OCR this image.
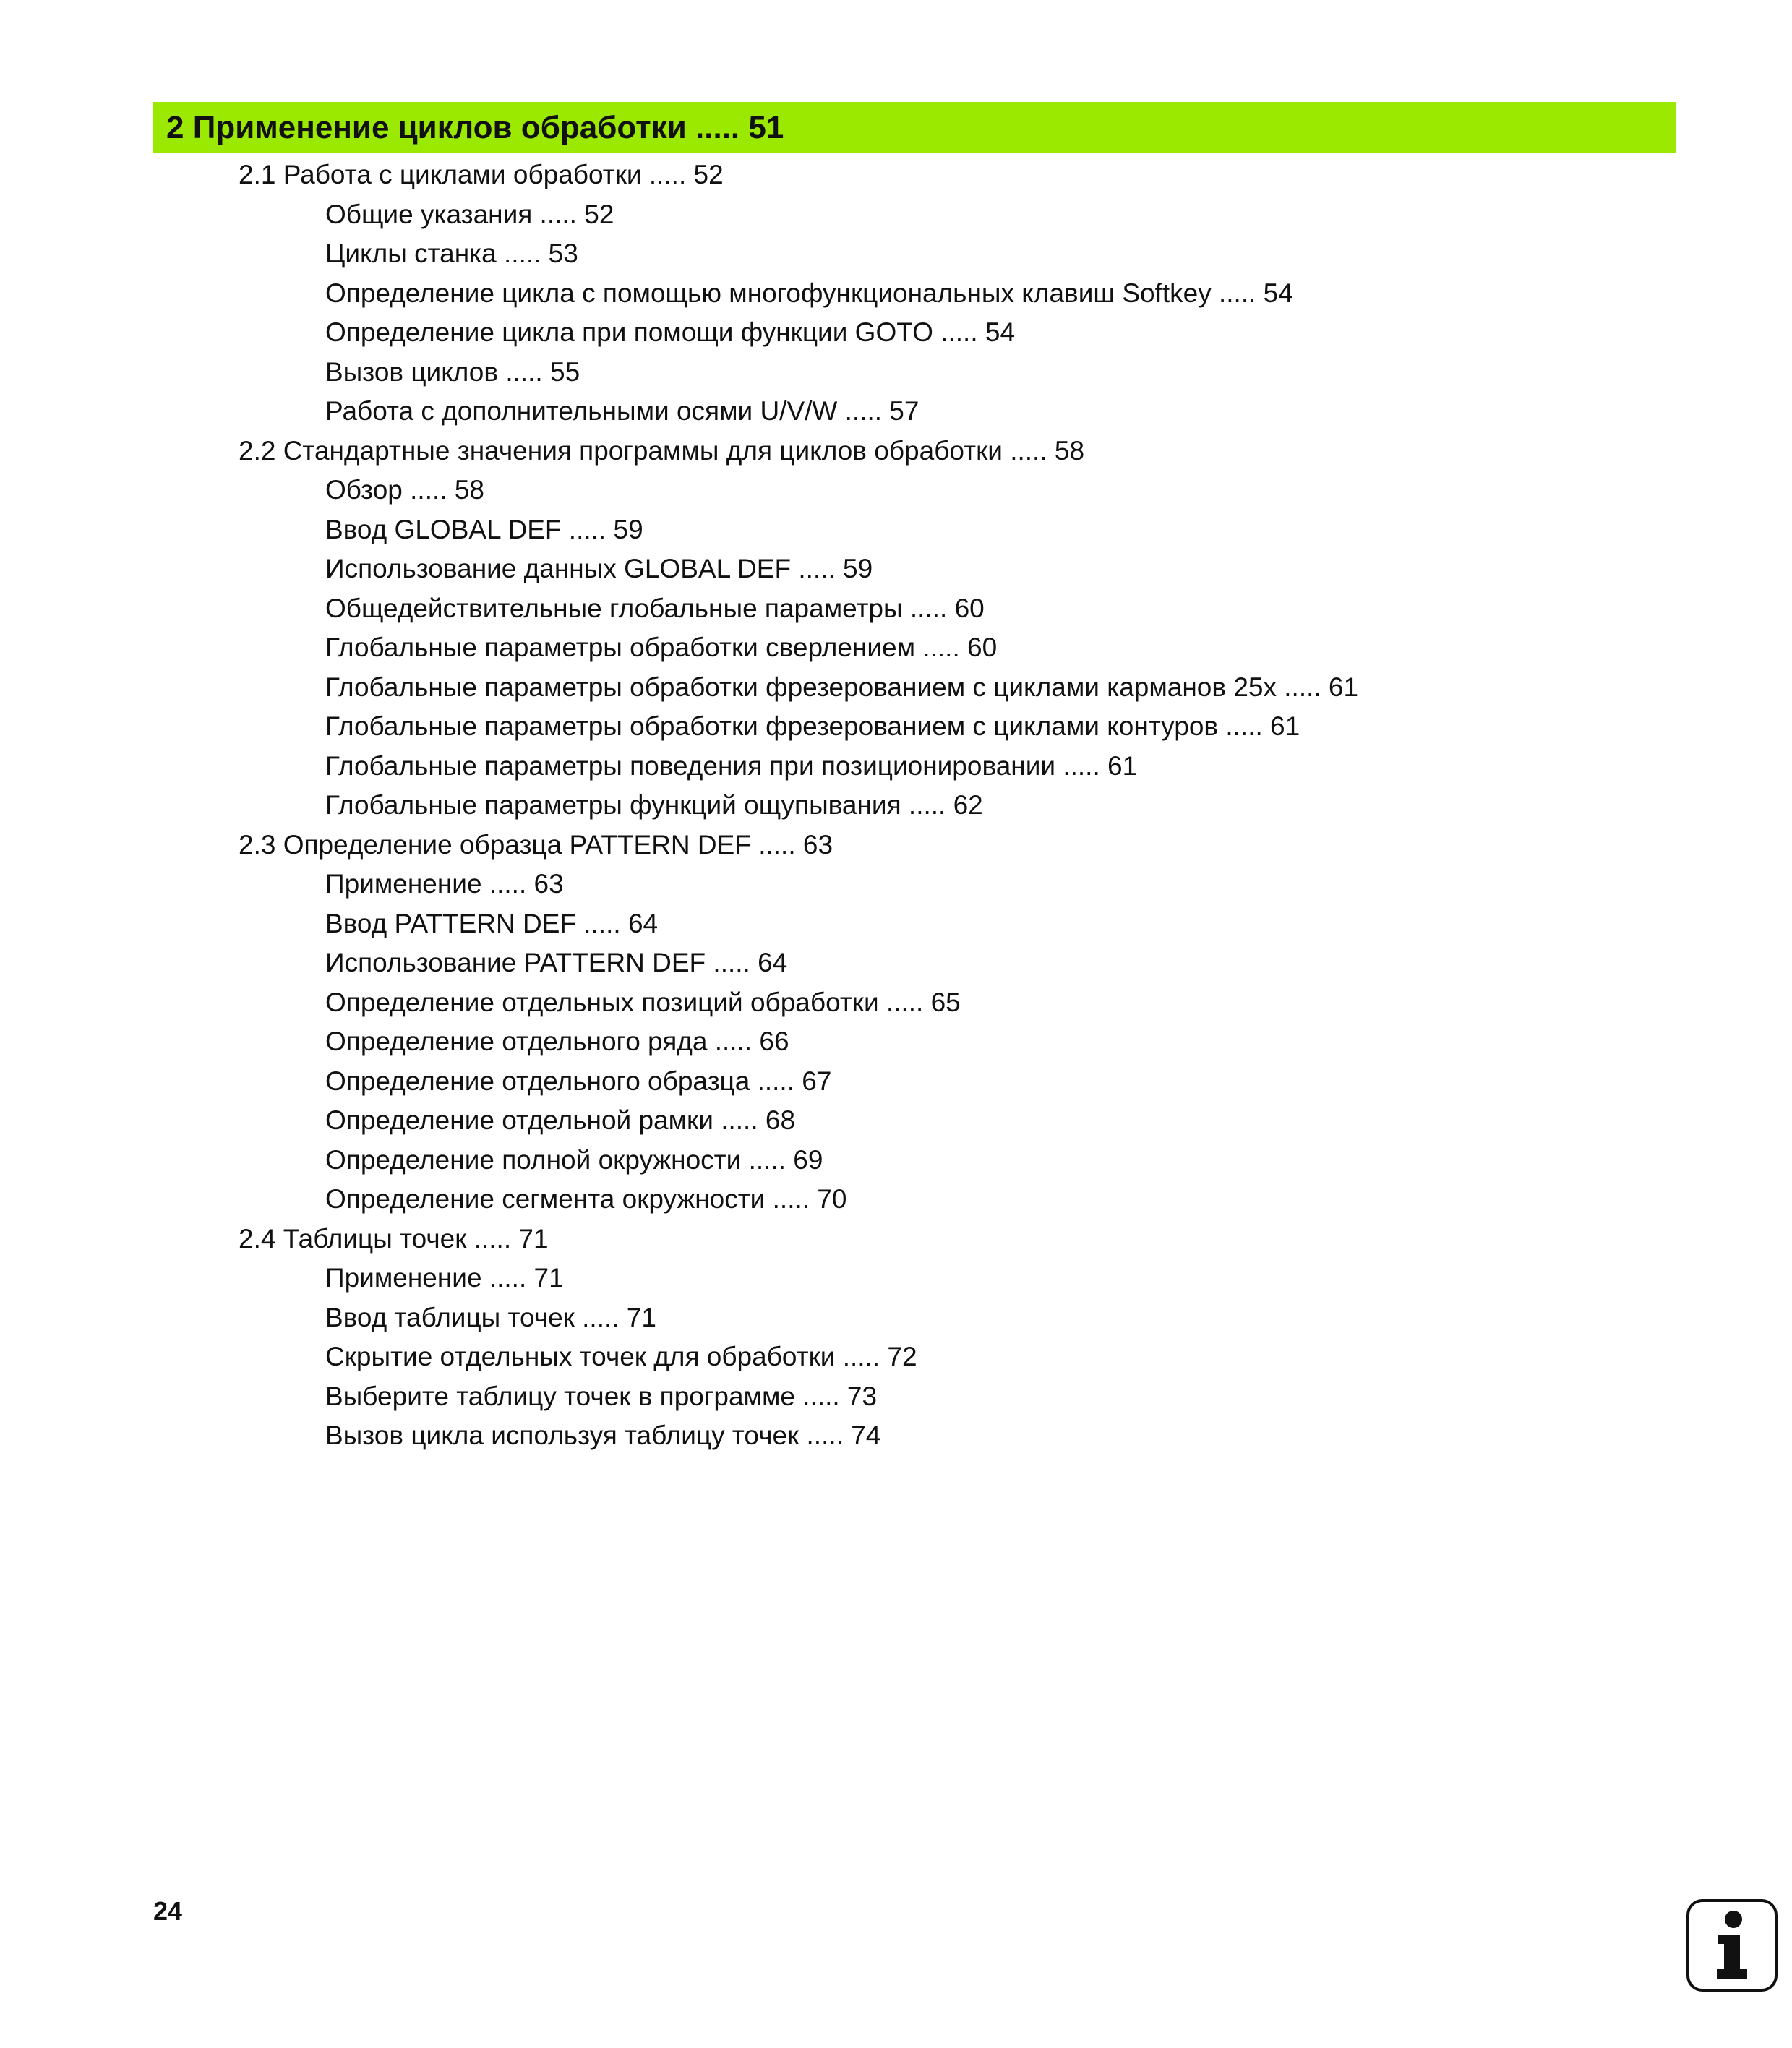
2 Применение циклов обработки ..... 51
2.1 Работа с циклами обработки ..... 52
Общие указания ..... 52
Циклы станка ..... 53
Определение цикла с помощью многофункциональных клавиш Softkey ..... 54
Определение цикла при помощи функции GOTO ..... 54
Вызов циклов ..... 55
Работа с дополнительными осями U/V/W ..... 57
2.2 Стандартные значения программы для циклов обработки ..... 58
Обзор ..... 58
Ввод GLOBAL DEF ..... 59
Использование данных GLOBAL DEF ..... 59
Общедействительные глобальные параметры ..... 60
Глобальные параметры обработки сверлением ..... 60
Глобальные параметры обработки фрезерованием с циклами карманов 25x ..... 61
Глобальные параметры обработки фрезерованием с циклами контуров ..... 61
Глобальные параметры поведения при позиционировании ..... 61
Глобальные параметры функций ощупывания ..... 62
2.3 Определение образца PATTERN DEF ..... 63
Применение ..... 63
Ввод PATTERN DEF ..... 64
Использование PATTERN DEF ..... 64
Определение отдельных позиций обработки ..... 65
Определение отдельного ряда ..... 66
Определение отдельного образца ..... 67
Определение отдельной рамки ..... 68
Определение полной окружности ..... 69
Определение сегмента окружности ..... 70
2.4 Таблицы точек ..... 71
Применение ..... 71
Ввод таблицы точек ..... 71
Скрытие отдельных точек для обработки ..... 72
Выберите таблицу точек в программе ..... 73
Вызов цикла используя таблицу точек ..... 74
24
